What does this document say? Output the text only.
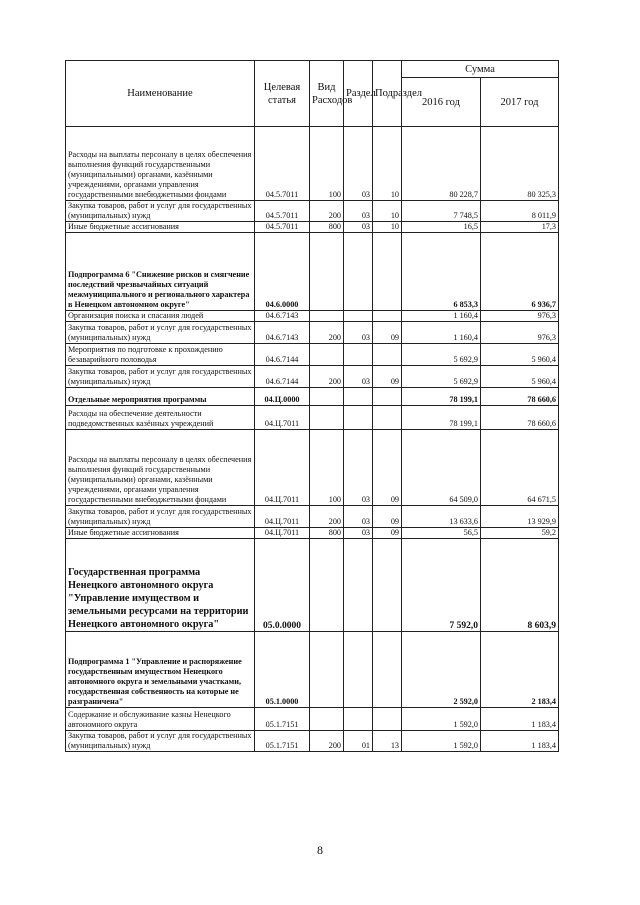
Наименование	Целевая статья	Вид Расходов	Раздел	Подраздел	Сумма	
					2016 год	2017 год
Расходы на выплаты персоналу в целях обеспечения выполнения функций государственными (муниципальными) органами, казёнными учреждениями, органами управления государственными внебюджетными фондами	04.5.7011	100	03	10	80 228,7	80 325,3
Закупка товаров, работ и услуг для государственных (муниципальных) нужд	04.5.7011	200	03	10	7 748,5	8 011,9
Иные бюджетные ассигнования	04.5.7011	800	03	10	16,5	17,3
Подпрограмма 6 "Снижение рисков и смягчение последствий чрезвычайных ситуаций межмуниципального и регионального характера в Ненецком автономном округе"	04.6.0000				6 853,3	6 936,7
Организация поиска и спасания людей	04.6.7143				1 160,4	976,3
Закупка товаров, работ и услуг для государственных (муниципальных) нужд	04.6.7143	200	03	09	1 160,4	976,3
Мероприятия по подготовке к прохождению безаварийного половодья	04.6.7144				5 692,9	5 960,4
Закупка товаров, работ и услуг для государственных (муниципальных) нужд	04.6.7144	200	03	09	5 692,9	5 960,4
Отдельные мероприятия программы	04.Ц.0000				78 199,1	78 660,6
Расходы на обеспечение деятельности подведомственных казённых учреждений	04.Ц.7011				78 199,1	78 660,6
Расходы на выплаты персоналу в целях обеспечения выполнения функций государственными (муниципальными) органами, казёнными учреждениями, органами управления государственными внебюджетными фондами	04.Ц.7011	100	03	09	64 509,0	64 671,5
Закупка товаров, работ и услуг для государственных (муниципальных) нужд	04.Ц.7011	200	03	09	13 633,6	13 929,9
Иные бюджетные ассигнования	04.Ц.7011	800	03	09	56,5	59,2
Государственная программа Ненецкого автономного округа "Управление имуществом и земельными ресурсами на территории Ненецкого автономного округа"	05.0.0000				7 592,0	8 603,9
Подпрограмма 1 "Управление и распоряжение государственным имуществом Ненецкого автономного округа и земельными участками, государственная собственность на которые не разграничена"	05.1.0000				2 592,0	2 183,4
Содержание и обслуживание казны Ненецкого автономного округа	05.1.7151				1 592,0	1 183,4
Закупка товаров, работ и услуг для государственных (муниципальных) нужд	05.1.7151	200	01	13	1 592,0	1 183,4
8
